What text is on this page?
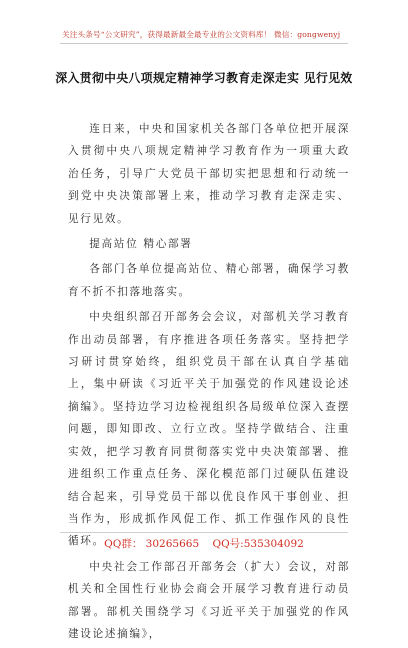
关注头条号“公文研究”，获得最新最全最专业的公文资料库！ 微信：gongwenyj
深入贯彻中央八项规定精神学习教育走深走实 见行见效

连日来，中央和国家机关各部门各单位把开展深入贯彻中央八项规定精神学习教育作为一项重大政治任务，引导广大党员干部切实把思想和行动统一到党中央决策部署上来，推动学习教育走深走实、见行见效。

提高站位 精心部署

各部门各单位提高站位、精心部署，确保学习教育不折不扣落地落实。

中央组织部召开部务会会议，对部机关学习教育作出动员部署，有序推进各项任务落实。坚持把学习研讨贯穿始终，组织党员干部在认真自学基础上，集中研读《习近平关于加强党的作风建设论述摘编》。坚持边学习边检视组织各局级单位深入查摆问题，即知即改、立行立改。坚持学做结合、注重实效，把学习教育同贯彻落实党中央决策部署、推进组织工作重点任务、深化模范部门过硬队伍建设结合起来，引导党员干部以优良作风干事创业、担当作为，形成抓作风促工作、抓工作强作风的良性循环。

中央社会工作部召开部务会（扩大）会议，对部机关和全国性行业协会商会开展学习教育进行动员部署。部机关围绕学习《习近平关于加强党的作风建设论述摘编》，

QQ群： 30265665 QQ号:535304092
